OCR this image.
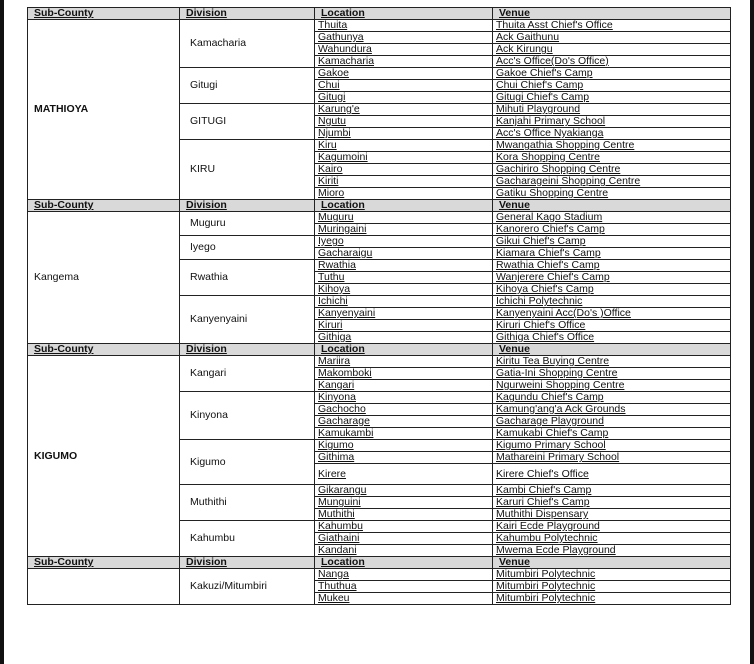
Sub-County	Division	Location	Venue
MATHIOYA	Kamacharia	Thuita	Thuita Asst Chief's Office
		Gathunya	Ack Gaithunu
		Wahundura	Ack Kirungu
		Kamacharia	Acc's Office(Do's Office)
	Gitugi	Gakoe	Gakoe Chief's Camp
		Chui	Chui Chief's Camp
		Gitugi	Gitugi Chief's Camp
	GITUGI	Karung'e	Mihuti Playground
		Ngutu	Kanjahi Primary School
		Njumbi	Acc's Office Nyakianga
	KIRU	Kiru	Mwangathia Shopping Centre
		Kagumoini	Kora Shopping Centre
		Kairo	Gachiriro Shopping Centre
		Kiriti	Gacharageini Shopping Centre
		Mioro	Gatiku Shopping Centre
Sub-County	Division	Location	Venue
Kangema	Muguru	Muguru	General Kago Stadium
		Muringaini	Kanorero Chief's Camp
	Iyego	Iyego	Gikui Chief's Camp
		Gacharaigu	Kiamara Chief's Camp
	Rwathia	Rwathia	Rwathia Chief's Camp
		Tuthu	Wanjerere Chief's Camp
		Kihoya	Kihoya Chief's Camp
	Kanyenyaini	Ichichi	Ichichi Polytechnic
		Kanyenyaini	Kanyenyaini Acc(Do's )Office
		Kiruri	Kiruri Chief's Office
		Githiga	Githiga Chief's Office
Sub-County	Division	Location	Venue
KIGUMO	Kangari	Mariira	Kiritu Tea Buying Centre
		Makomboki	Gatia-Ini Shopping Centre
		Kangari	Ngurweini Shopping Centre
	Kinyona	Kinyona	Kagundu Chief's Camp
		Gachocho	Kamung'ang'a Ack Grounds
		Gacharage	Gacharage Playground
		Kamukambi	Kamukabi Chief's Camp
	Kigumo	Kigumo	Kigumo Primary School
		Githima	Mathareini Primary School
		Kirere	Kirere Chief's Office
	Muthithi	Gikarangu	Kambi Chief's Camp
		Munguini	Karuri Chief's Camp
		Muthithi	Muthithi Dispensary
	Kahumbu	Kahumbu	Kairi Ecde Playground
		Giathaini	Kahumbu Polytechnic
		Kandani	Mwema Ecde Playground
Sub-County	Division	Location	Venue
	Kakuzi/Mitumbiri	Nanga	Mitumbiri Polytechnic
		Thuthua	Mitumbiri Polytechnic
		Mukeu	Mitumbiri Polytechnic
